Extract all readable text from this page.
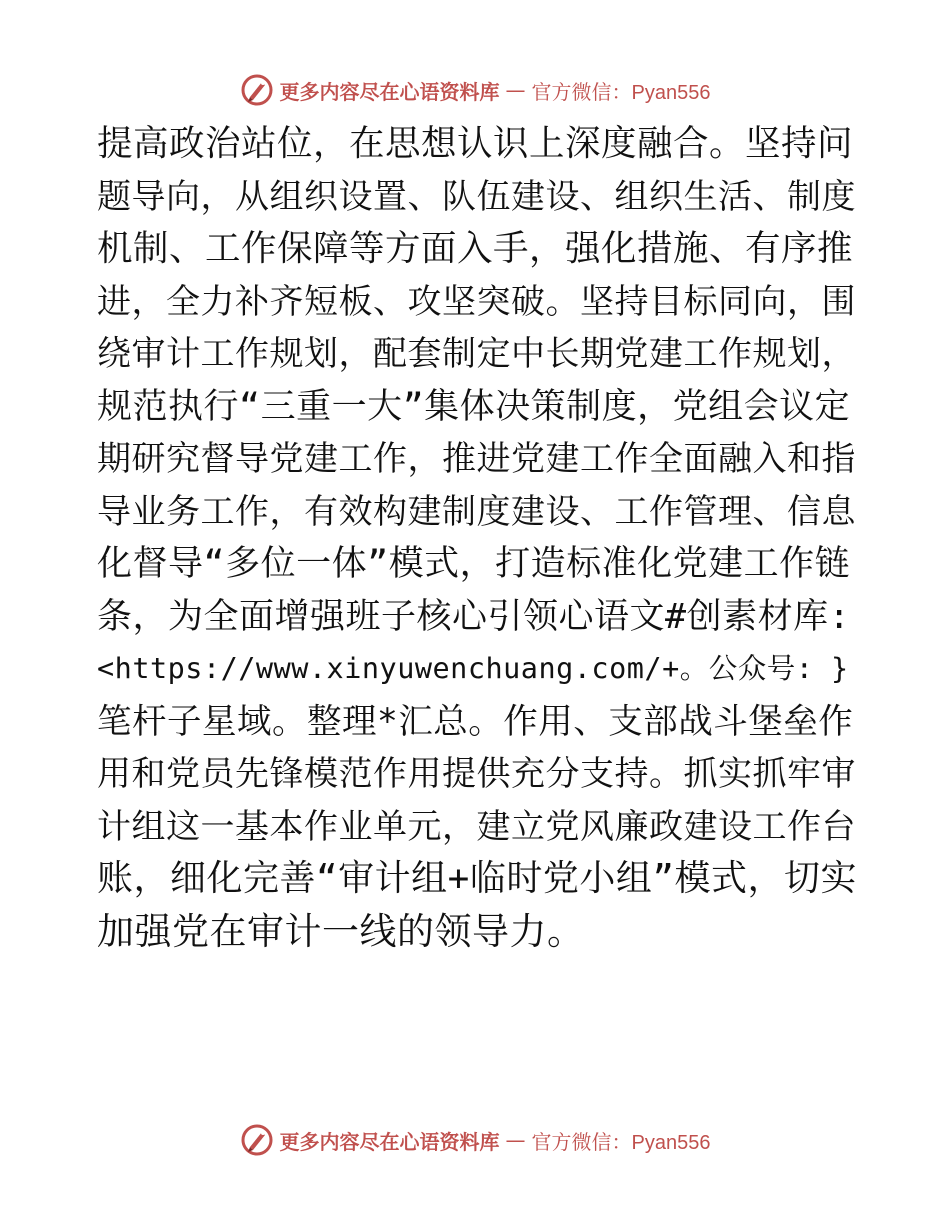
更多内容尽在心语资料库 — 官方微信：Pyan556
提高政治站位，在思想认识上深度融合。坚持问
题导向，从组织设置、队伍建设、组织生活、制度
机制、工作保障等方面入手，强化措施、有序推
进，全力补齐短板、攻坚突破。坚持目标同向，围
绕审计工作规划，配套制定中长期党建工作规划，
规范执行“三重一大”集体决策制度，党组会议定
期研究督导党建工作，推进党建工作全面融入和指
导业务工作，有效构建制度建设、工作管理、信息
化督导“多位一体”模式，打造标准化党建工作链
条，为全面增强班子核心引领心语文#创素材库:
<https://www.xinyuwenchuang.com/+。公众号: }
笔杆子星域。整理*汇总。作用、支部战斗堡垒作
用和党员先锋模范作用提供充分支持。抓实抓牢审
计组这一基本作业单元，建立党风廉政建设工作台
账，细化完善“审计组+临时党小组”模式，切实
加强党在审计一线的领导力。
更多内容尽在心语资料库 — 官方微信：Pyan556
